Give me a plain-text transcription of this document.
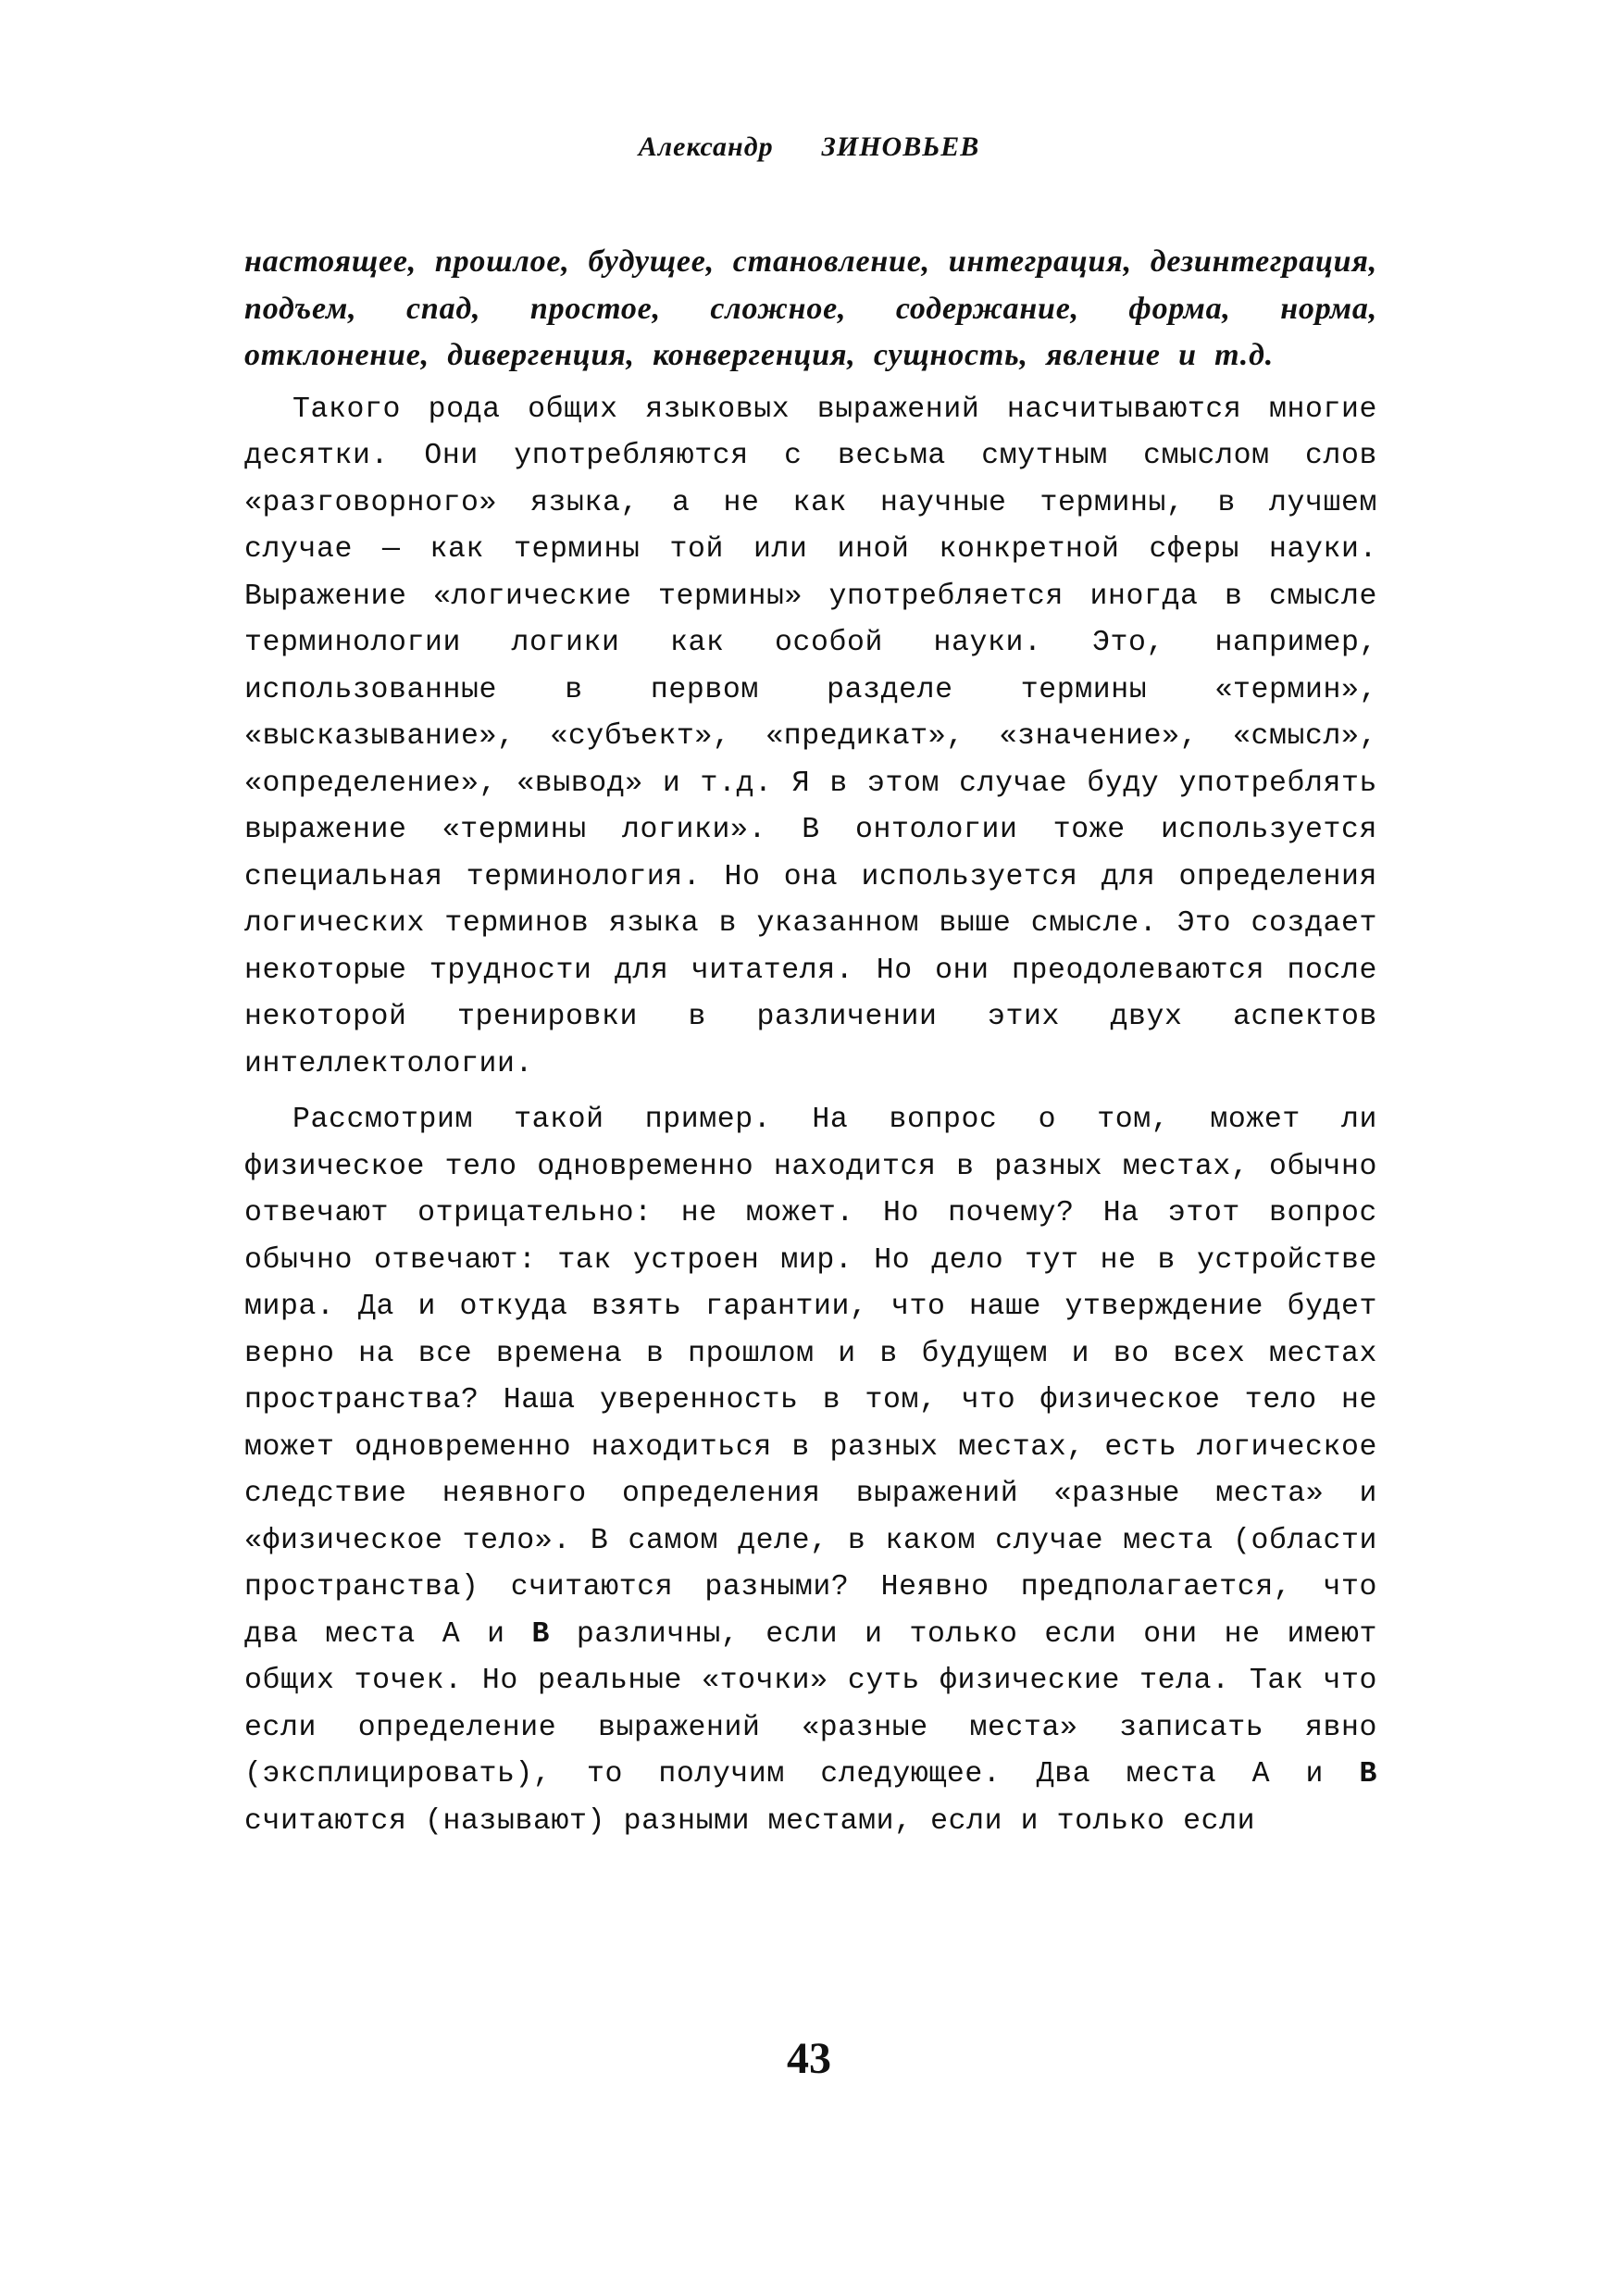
Александр ЗИНОВЬЕВ

настоящее, прошлое, будущее, становление, интеграция, дезинтеграция, подъем, спад, простое, сложное, содержание, форма, норма, отклонение, дивергенция, конвергенция, сущность, явление и т.д.

Такого рода общих языковых выражений насчитываются многие десятки. Они употребляются с весьма смутным смыслом слов «разговорного» языка, а не как научные термины, в лучшем случае — как термины той или иной конкретной сферы науки. Выражение «логические термины» употребляется иногда в смысле терминологии логики как особой науки. Это, например, использованные в первом разделе термины «термин», «высказывание», «субъект», «предикат», «значение», «смысл», «определение», «вывод» и т.д. Я в этом случае буду употреблять выражение «термины логики». В онтологии тоже используется специальная терминология. Но она используется для определения логических терминов языка в указанном выше смысле. Это создает некоторые трудности для читателя. Но они преодолеваются после некоторой тренировки в различении этих двух аспектов интеллектологии.

Рассмотрим такой пример. На вопрос о том, может ли физическое тело одновременно находится в разных местах, обычно отвечают отрицательно: не может. Но почему? На этот вопрос обычно отвечают: так устроен мир. Но дело тут не в устройстве мира. Да и откуда взять гарантии, что наше утверждение будет верно на все времена в прошлом и в будущем и во всех местах пространства? Наша уверенность в том, что физическое тело не может одновременно находиться в разных местах, есть логическое следствие неявного определения выражений «разные места» и «физическое тело». В самом деле, в каком случае места (области пространства) считаются разными? Неявно предполагается, что два места А и В различны, если и только если они не имеют общих точек. Но реальные «точки» суть физические тела. Так что если определение выражений «разные места» записать явно (эксплицировать), то получим следующее. Два места А и В считаются (называют) разными местами, если и только если

43
